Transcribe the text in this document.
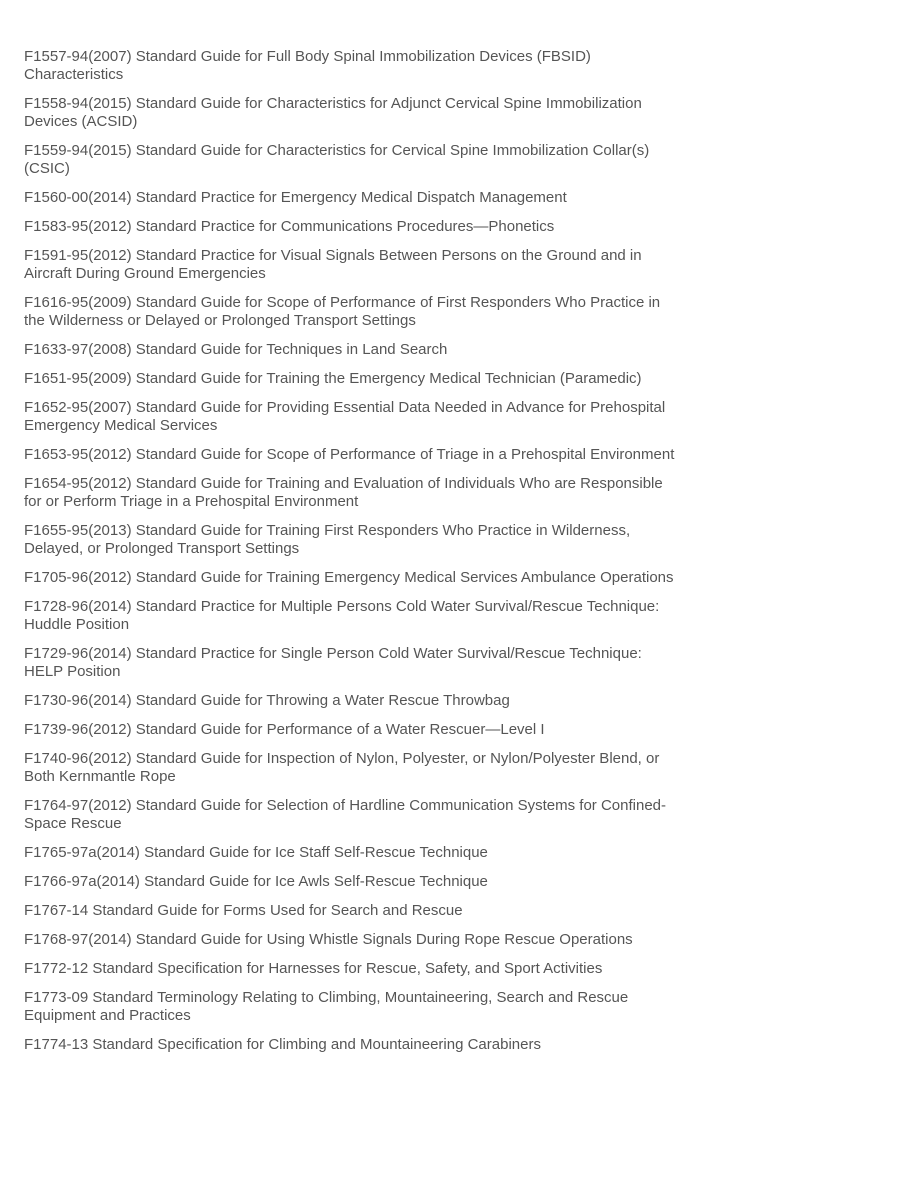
F1557-94(2007) Standard Guide for Full Body Spinal Immobilization Devices (FBSID) Characteristics

F1558-94(2015) Standard Guide for Characteristics for Adjunct Cervical Spine Immobilization Devices (ACSID)

F1559-94(2015) Standard Guide for Characteristics for Cervical Spine Immobilization Collar(s) (CSIC)

F1560-00(2014) Standard Practice for Emergency Medical Dispatch Management

F1583-95(2012) Standard Practice for Communications Procedures—Phonetics

F1591-95(2012) Standard Practice for Visual Signals Between Persons on the Ground and in Aircraft During Ground Emergencies

F1616-95(2009) Standard Guide for Scope of Performance of First Responders Who Practice in the Wilderness or Delayed or Prolonged Transport Settings

F1633-97(2008) Standard Guide for Techniques in Land Search

F1651-95(2009) Standard Guide for Training the Emergency Medical Technician (Paramedic)

F1652-95(2007) Standard Guide for Providing Essential Data Needed in Advance for Prehospital Emergency Medical Services

F1653-95(2012) Standard Guide for Scope of Performance of Triage in a Prehospital Environment

F1654-95(2012) Standard Guide for Training and Evaluation of Individuals Who are Responsible for or Perform Triage in a Prehospital Environment

F1655-95(2013) Standard Guide for Training First Responders Who Practice in Wilderness, Delayed, or Prolonged Transport Settings

F1705-96(2012) Standard Guide for Training Emergency Medical Services Ambulance Operations

F1728-96(2014) Standard Practice for Multiple Persons Cold Water Survival/Rescue Technique: Huddle Position

F1729-96(2014) Standard Practice for Single Person Cold Water Survival/Rescue Technique: HELP Position

F1730-96(2014) Standard Guide for Throwing a Water Rescue Throwbag

F1739-96(2012) Standard Guide for Performance of a Water Rescuer—Level I

F1740-96(2012) Standard Guide for Inspection of Nylon, Polyester, or Nylon/Polyester Blend, or Both Kernmantle Rope

F1764-97(2012) Standard Guide for Selection of Hardline Communication Systems for Confined-Space Rescue

F1765-97a(2014) Standard Guide for Ice Staff Self-Rescue Technique

F1766-97a(2014) Standard Guide for Ice Awls Self-Rescue Technique

F1767-14 Standard Guide for Forms Used for Search and Rescue

F1768-97(2014) Standard Guide for Using Whistle Signals During Rope Rescue Operations

F1772-12 Standard Specification for Harnesses for Rescue, Safety, and Sport Activities

F1773-09 Standard Terminology Relating to Climbing, Mountaineering, Search and Rescue Equipment and Practices

F1774-13 Standard Specification for Climbing and Mountaineering Carabiners
